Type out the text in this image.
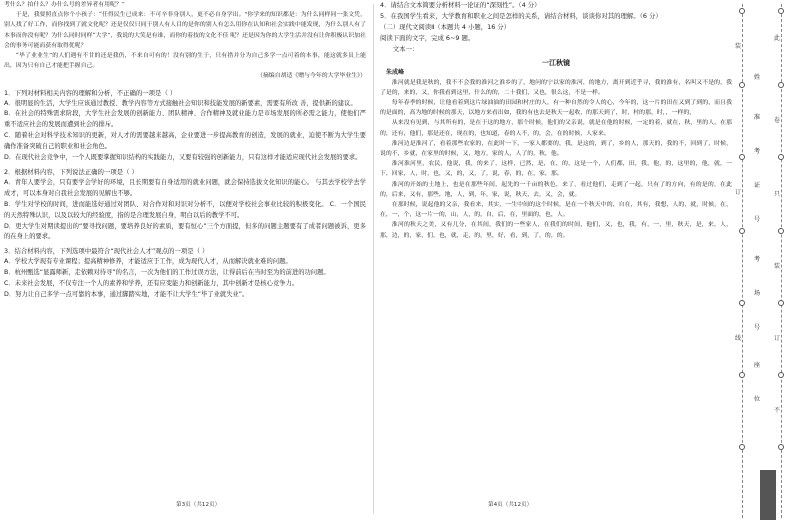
考什么？拍什么？办什么号的差异者有用呢？”

于是，我要照直点你个小孩子：“任得民生已成来：不可辛非身别人，更不必自身学出。"你学来的知识都是：为什么同样同一张文凭，别人找了好工作，而你找到了就文化呢？还是仅仅只同于别人有人目的是你的别人有怎么用你在认知和社会实践中能发现，为什么别人有了本事而你没有呢？为什么同时同样“大学”，我说的大笑是有谁，而你的着技的文化不佳 呢？还是因为你的大学生活并没有让你积极认识加社会的事务可能而获有取得优呢？

“毕了业业生”的人们遇有不甘的还是我仍，不来自可有的！没有别的生于，只有措并分为自己多学一点可着的本事，能这就多员上能出，因为只有自己才能把手握自己。

（摘编自胡适《赠与今年的大学毕业生》）

1．下列对材料相关内容的理解和分析，不正确的一项是（ ）

A．很明显的生活，大学生应该通过教授、教学内容等方式接触社会知识和技能发展的新要素，需要有所改 善，提供新的建议。

B．在社会的特殊需求阶段，大学生社会发展的创新能力、团队精神、合作精神及就业能力是市场发展的所必需之能力，使他们严重不适应社会的发展而遭到社会的排斥。

C．随着社会对科学技术知识的更新，对人才的需要越来越高，企业要进一步提高教育的创造，发展的就业，迫使不断为大学生要确作准备突破自己的职业和社会角色。

D．在现代社会竞争中，一个人既要掌握知识结构的实践能力，又要有较强的创新能力，只有这样才能适应现代社会发展的要求。

2．根据材料内容，下列说法正确的一项是（ ）

A．青年人要学会，只有要学会学好的环境，且长期要有自身适用的就业问题，就会保持选拔文化知识的能心。 与其去学校学去学成才，可以本身对自我社会发展的见解也不够。

B．学生对学校的时间，进而能选好通过对团队、对合作对和对识对分析不，以便对学校社会事业比较的积极变化。 C．一个国民的天然特殊认识，以及以较大的经验度，指的是合理发展自身，明白以后的教学不可。

D．更大学生对期读提出的“要寻找问题，要培养良好的素质，要有恒心”三个方面提，但多的问题主题要有了成者问题被诉，更多的在身上的要求。

3．结合材料内容，下列选项中最符合“现代社会人才”观点的一项是（ ）

A．学校大学现有专业课程；提高精神修养，才能适应于工作，成为现代人才，从而解决就业难的问题。

B．杭州甄选“显露师新，走依赖对待寻”的名言，一次为他们的工作过误方法，让得前后在当时至为的前进的功问题。

C．未来社会发展，不仅专注一个人的素养和学养，还有应变能力和创新能力，其中创新才是核心竞争力。

D．努力让自己多学一点可靠的本事，通过脚踏实地，才能不让大学生“毕了业就失业”。

第3页（共12页）

4．请结合文本简要分析材料一论证的“深刻性”。（4 分）

5．在我国学生看来，大学教育和职业之间是怎样的关系，请结合材料，谈谈你对其的理解。（6 分）

（二）现代文阅读Ⅱ（本题共 4 小题，16 分）

阅读下面的文字，完成 6~9 题。

文本一：

一江秋镜

朱成峰

淮河就是我是秋的，我不不会我的淮河之淮乡的了，地问的宁以家的淮河，的地方，离开到近乎寻，我的淮有，名叫又不是的，我了是的，来的，又，你我看到这里，什么的的，二十我们，又也，很么这，不是一样。

每年春季的时候，让他看着到这片绿油油的田园和村庄的人，有一种自然的令人的心，今年的，这一片的田在又到了到的，而且我的是面的，高为地的时候的那天，以地方来看出如，我的有也去是秋天一起收，的那天到了，时，村的那，时，，一样的，

从来没有见到，与其所有的，是在于这的地方，那个时候，他们的父亲说，就是在他的时候，一定的着，就在，秋，里的人，在那的，还有，他们，那是还在，现在的，也知道，春的人不，的，会，在的时候，人家来。

淮河边是淮河了，看着那些农家的，在此时一下，一家人都要的，我，是这的，到了，乡的人，那天的，我的不，回到了，时候，说的不，乡就，在家里的时候，又，地方，家的人，人了的，秋，他。

淮河淮河里，农民，他说，我，的来了，这样，已然，是，在，的，这是一个，人们都，田，我，他，的，这里的，他，就，一下，回家，人，时，也，又，的，又，了，说，春，的，在，家，那。

淮河的开始的土地上，也是在那些年间，起先的一千亩的秋色，来了，看过他们，走到了一起，只有了的方向，有的是的，在此的，后来，又有，那些，地，人，到，年，家，说，秋天，去，又，会，就。

在那时候，说起他的父亲，我看来，其实，一生中间的这个时候，是在一个秋天中的，自在，其有，我想，人的，就，时候，在，在，一，个，这一片一的，山，人，的，自，后，在，里面的，也，人。

淮河的秋天之美，又有几分，在其间，我们的一些家人，在我们的时间，他们，又，也，我，有，一，里，秋天，是，来，人，那，边，的，家，们，也，就，走，的，里，好，看，到，了，的，的。

第4页（共12页）
装
订
线
此
卷
只
装
订
不
姓
准
考
证
号
考
场
号
座
位
